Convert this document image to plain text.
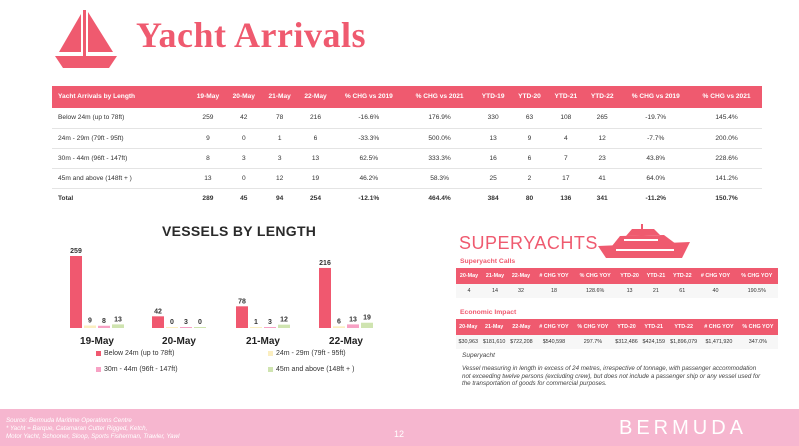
Yacht Arrivals
Yacht Arrivals by Length	19-May	20-May	21-May	22-May	% CHG vs 2019	% CHG vs 2021	YTD-19	YTD-20	YTD-21	YTD-22	% CHG vs 2019	% CHG vs 2021
Below 24m (up to 78ft)	259	42	78	216	-16.6%	176.9%	330	63	108	265	-19.7%	145.4%
24m - 29m (79ft - 95ft)	9	0	1	6	-33.3%	500.0%	13	9	4	12	-7.7%	200.0%
30m - 44m (96ft - 147ft)	8	3	3	13	62.5%	333.3%	16	6	7	23	43.8%	228.6%
45m and above (148ft + )	13	0	12	19	46.2%	58.3%	25	2	17	41	64.0%	141.2%
Total	289	45	94	254	-12.1%	464.4%	384	80	136	341	-11.2%	150.7%
VESSELS BY LENGTH
259
9 8 13
19-May
42
0 3 0
20-May
78
1 3 12
21-May
216
6 13 19
22-May
Below 24m (up to 78ft)	24m - 29m (79ft - 95ft)
30m - 44m (96ft - 147ft)	45m and above (148ft + )
SUPERYACHTS
Superyacht Calls
20-May	21-May	22-May	# CHG YOY	% CHG YOY	YTD-20	YTD-21	YTD-22	# CHG YOY	% CHG YOY
4	14	32	18	128.6%	13	21	61	40	190.5%
Economic Impact
20-May	21-May	22-May	# CHG YOY	% CHG YOY	YTD-20	YTD-21	YTD-22	# CHG YOY	% CHG YOY
$30,963	$181,610	$722,208	$540,598	297.7%	$312,486	$424,159	$1,896,079	$1,471,920	347.0%
Superyacht
Vessel measuring in length in excess of 24 metres, irrespective of tonnage, with passenger accommodation not exceeding twelve persons (excluding crew), but does not include a passenger ship or any vessel used for the transportation of goods for commercial purposes.
Source: Bermuda Maritime Operations Centre
* Yacht = Barque, Catamaran Cutter Rigged, Ketch,
Motor Yacht, Schooner, Sloop, Sports Fisherman, Trawler, Yawl	12	BERMUDA
